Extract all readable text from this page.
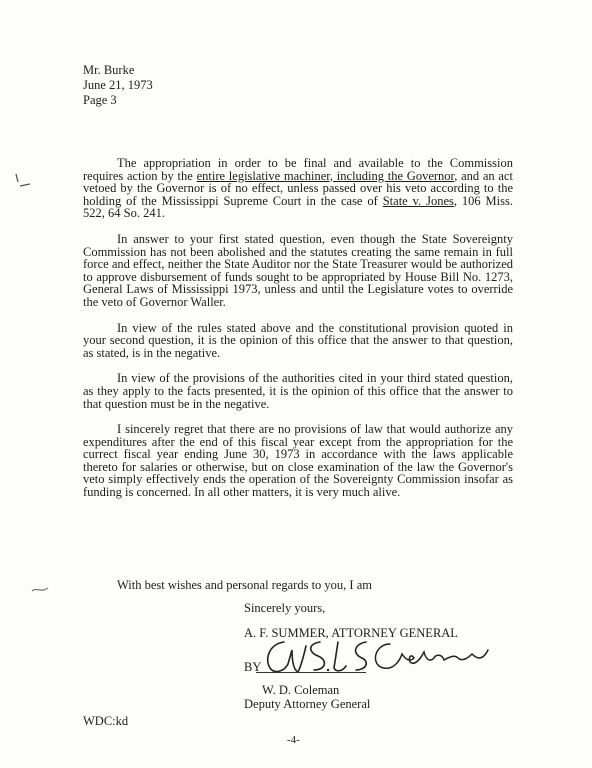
Mr. Burke
June 21, 1973
Page 3

The appropriation in order to be final and available to the Commission requires action by the entire legislative machiner, including the Governor, and an act vetoed by the Governor is of no effect, unless passed over his veto according to the holding of the Mississippi Supreme Court in the case of State v. Jones, 106 Miss. 522, 64 So. 241.

In answer to your first stated question, even though the State Sovereignty Commission has not been abolished and the statutes creating the same remain in full force and effect, neither the State Auditor nor the State Treasurer would be authorized to approve disbursement of funds sought to be appropriated by House Bill No. 1273, General Laws of Mississippi 1973, unless and until the Legislature votes to override the veto of Governor Waller.

In view of the rules stated above and the constitutional provision quoted in your second question, it is the opinion of this office that the answer to that question, as stated, is in the negative.

In view of the provisions of the authorities cited in your third stated question, as they apply to the facts presented, it is the opinion of this office that the answer to that question must be in the negative.

I sincerely regret that there are no provisions of law that would authorize any expenditures after the end of this fiscal year except from the appropriation for the currect fiscal year ending June 30, 1973 in accordance with the laws applicable thereto for salaries or otherwise, but on close examination of the law the Governor's veto simply effectively ends the operation of the Sovereignty Commission insofar as funding is concerned. In all other matters, it is very much alive.

With best wishes and personal regards to you, I am
Sincerely yours,
A. F. SUMMER, ATTORNEY GENERAL
BY
W. D. Coleman
Deputy Attorney General
WDC:kd
-4-
